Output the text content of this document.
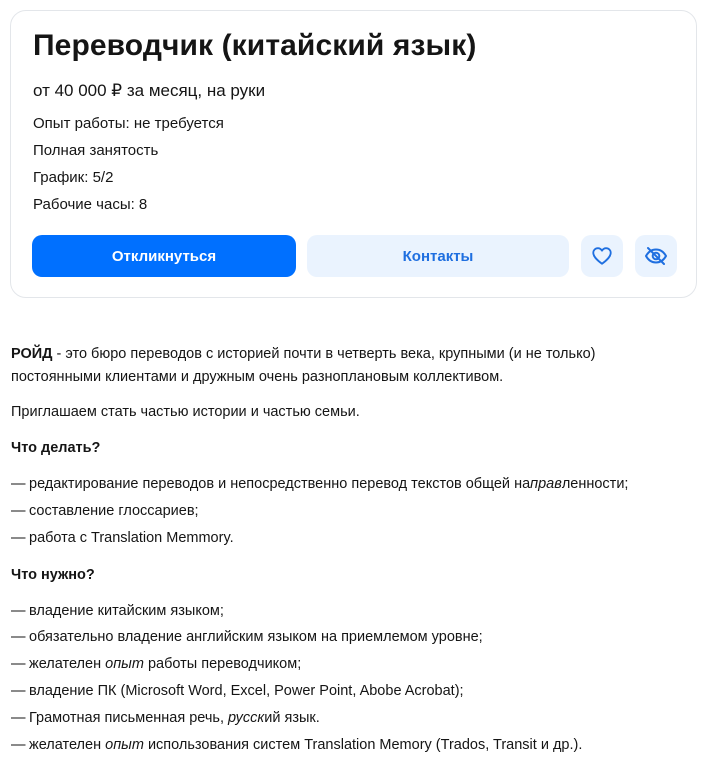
Переводчик (китайский язык)
от 40 000 ₽ за месяц, на руки
Опыт работы: не требуется
Полная занятость
График: 5/2
Рабочие часы: 8
Откликнуться	Контакты

РОЙД - это бюро переводов с историей почти в четверть века, крупными (и не только)

постоянными клиентами и дружным очень разноплановым коллективом.

Приглашаем стать частью истории и частью семьи.
Что делать?
— редактирование переводов и непосредственно перевод текстов общей направленности;
— составление глоссариев;
— работа с Translation Memmory.
Что нужно?
— владение китайским языком;
— обязательно владение английским языком на приемлемом уровне;
— желателен опыт работы переводчиком;
— владение ПК (Microsoft Word, Excel, Power Point, Abobe Acrobat);
— Грамотная письменная речь, русский язык.
— желателен опыт использования систем Translation Memory (Trados, Transit и др.).
